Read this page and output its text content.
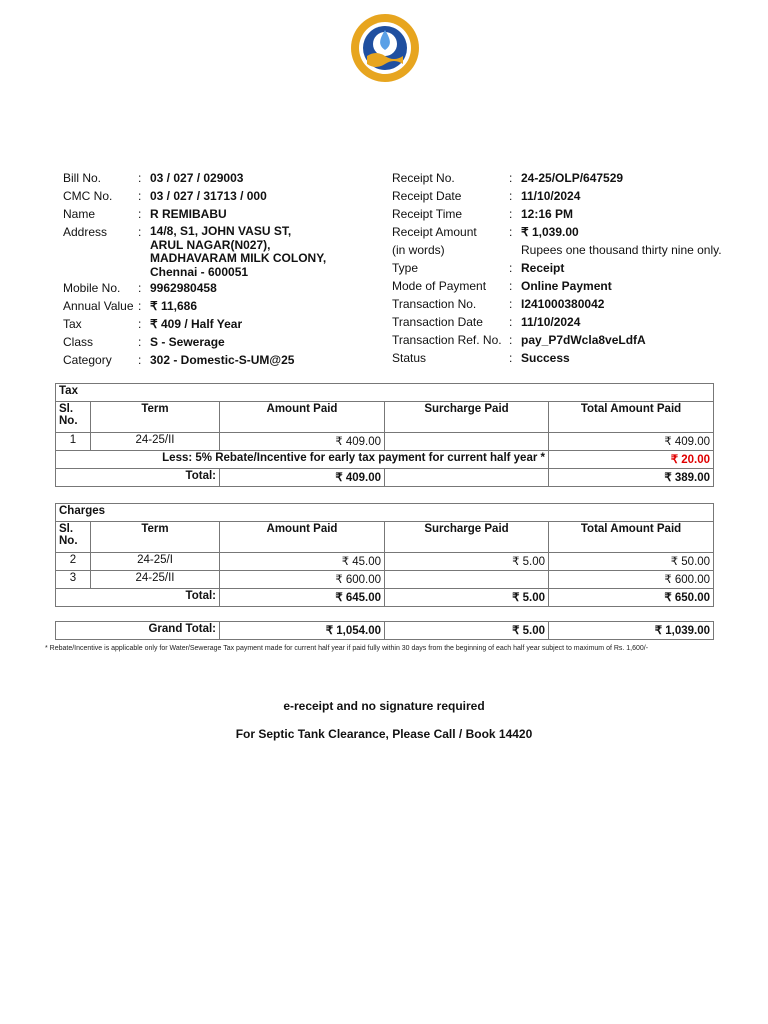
Bill No.	: 03 / 027 / 029003
CMC No. : 03 / 027 / 31713 / 000
Name	: R REMIBABU
Address	: 14/8, S1, JOHN VASU ST,
ARUL NAGAR(N027),
MADHAVARAM MILK COLONY,
Chennai - 600051
Mobile No. : 9962980458
Annual Value : ₹ 11,686
Tax	: ₹ 409 / Half Year
Class	: S - Sewerage
Category : 302 - Domestic-S-UM@25
Receipt No.	: 24-25/OLP/647529
Receipt Date	: 11/10/2024
Receipt Time	: 12:16 PM
Receipt Amount	: ₹ 1,039.00
(in words)	Rupees one thousand thirty nine only.
Type	: Receipt
Mode of Payment : Online Payment
Transaction No.	: I241000380042
Transaction Date : 11/10/2024
Transaction Ref. No. : pay_P7dWcla8veLdfA
Status	: Success
Tax				
Sl. No.	Term	Amount Paid	Surcharge Paid	Total Amount Paid
1	24-25/II	₹ 409.00		₹ 409.00
Less: 5% Rebate/Incentive for early tax payment for current half year *				₹ 20.00
Total:		₹ 409.00		₹ 389.00
Charges				
Sl. No.	Term	Amount Paid	Surcharge Paid	Total Amount Paid
2	24-25/I	₹ 45.00	₹ 5.00	₹ 50.00
3	24-25/II	₹ 600.00		₹ 600.00
Total:		₹ 645.00	₹ 5.00	₹ 650.00
Grand Total:	₹ 1,054.00	₹ 5.00	₹ 1,039.00
* Rebate/Incentive is applicable only for Water/Sewerage Tax payment made for current half year if paid fully within 30 days from the beginning of each half year subject to maximum of Rs. 1,600/-
e-receipt and no signature required
For Septic Tank Clearance, Please Call / Book 14420
